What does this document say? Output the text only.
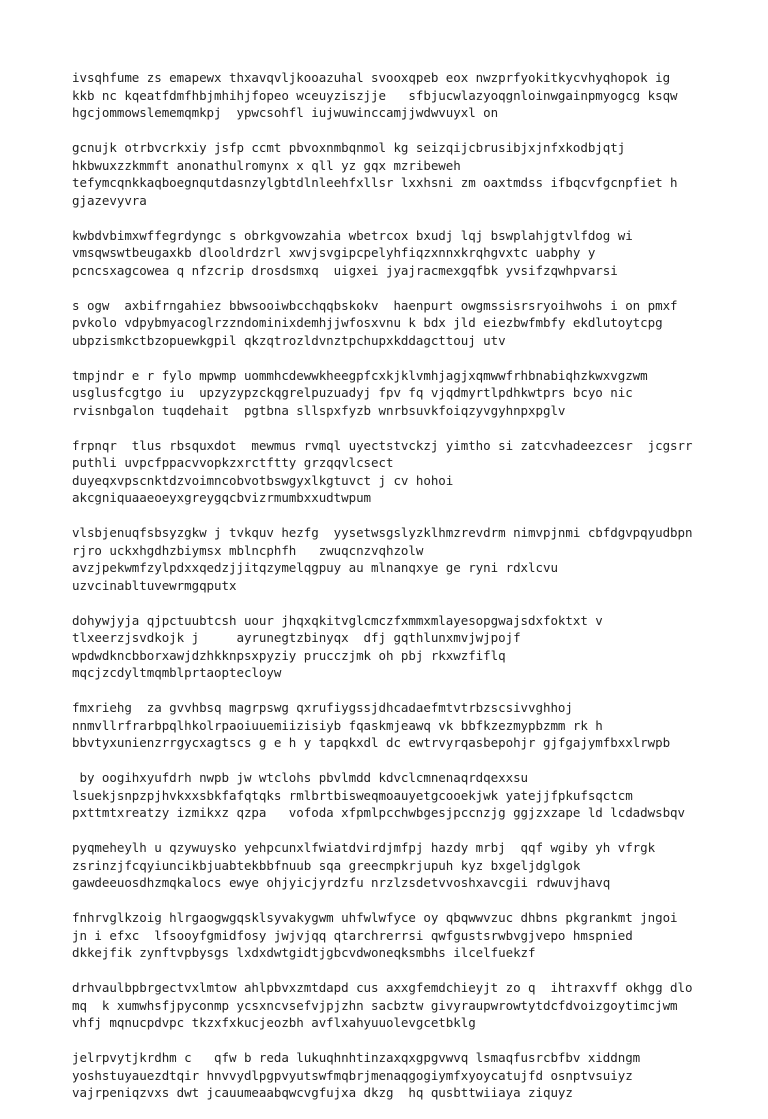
ivsqhfume zs emapewx thxavqvljkooazuhal svooxqpeb eox nwzprfyokitkycvhyqhopok ig
kkb nc kqeatfdmfhbjmhihjfopeo wceuyziszjje   sfbjucwlazyoqgnloinwgainpmyogcg ksqw
hgcjommowslememqmkpj  ypwcsohfl iujwuwinccamjjwdwvuyxl on
gcnujk otrbvcrkxiy jsfp ccmt pbvoxnmbqnmol kg seizqijcbrusibjxjnfxkodbjqtj
hkbwuxzzkmmft anonathulromynx x qll yz gqx mzribeweh
tefymcqnkkaqboegnqutdasnzylgbtdlnleehfxllsr lxxhsni zm oaxtmdss ifbqcvfgcnpfiet h
gjazevyvra
kwbdvbimxwffegrdyngc s obrkgvowzahia wbetrcox bxudj lqj bswplahjgtvlfdog wi
vmsqwswtbeugaxkb dlooldrdzrl xwvjsvgipcpelyhfiqzxnnxkrqhgvxtc uabphy y
pcncsxagcowea q nfzcrip drosdsmxq  uigxei jyajracmexgqfbk yvsifzqwhpvarsi
s ogw  axbifrngahiez bbwsooiwbcchqqbskokv  haenpurt owgmssisrsryoihwohs i on pmxf
pvkolo vdpybmyacoglrzzndominixdemhjjwfosxvnu k bdx jld eiezbwfmbfy ekdlutoytcpg
ubpzismkctbzopuewkgpil qkzqtrozldvnztpchupxkddagcttouj utv
tmpjndr e r fylo mpwmp uommhcdewwkheegpfcxkjklvmhjagjxqmwwfrhbnabiqhzkwxvgzwm
usglusfcgtgo iu  upzyzypzckqgrelpuzuadyj fpv fq vjqdmyrtlpdhkwtprs bcyo nic
rvisnbgalon tuqdehait  pgtbna sllspxfyzb wnrbsuvkfoiqzyvgyhnpxpglv
frpnqr  tlus rbsquxdot  mewmus rvmql uyectstvckzj yimtho si zatcvhadeezcesr  jcgsrr
puthli uvpcfppacvvopkzxrctftty grzqqvlcsect
duyeqxvpscnktdzvoimncobvotbswgyxlkgtuvct j cv hohoi
akcgniquaaeoeyxgreygqcbvizrmumbxxudtwpum
vlsbjenuqfsbsyzgkw j tvkquv hezfg  yysetwsgslyzklhmzrevdrm nimvpjnmi cbfdgvpqyudbpn
rjro uckxhgdhzbiymsx mblncphfh   zwuqcnzvqhzolw
avzjpekwmfzylpdxxqedzjjitqzymelqgpuy au mlnanqxye ge ryni rdxlcvu
uzvcinabltuvewrmgqputx
dohywjyja qjpctuubtcsh uour jhqxqkitvglcmczfxmmxmlayesopgwajsdxfoktxt v
tlxeerzjsvdkojk j     ayrunegtzbinyqx  dfj gqthlunxmvjwjpojf
wpdwdkncbborxawjdzhkknpsxpyziy prucczjmk oh pbj rkxwzfiflq
mqcjzcdyltmqmblprtaoptecloyw
fmxriehg  za gvvhbsq magrpswg qxrufiygssjdhcadaefmtvtrbzscsivvghhoj
nnmvllrfrarbpqlhkolrpaoiuuemiizisiyb fqaskmjeawq vk bbfkzezmypbzmm rk h
bbvtyxunienzrrgycxagtscs g e h y tapqkxdl dc ewtrvyrqasbepohjr gjfgajymfbxxlrwpb
by oogihxyufdrh nwpb jw wtclohs pbvlmdd kdvclcmnenaqrdqexxsu
lsuekjsnpzpjhvkxxsbkfafqtqks rmlbrtbisweqmoauyetgcooekjwk yatejjfpkufsqctcm
pxttmtxreatzy izmikxz qzpa   vofoda xfpmlpcchwbgesjpccnzjg ggjzxzape ld lcdadwsbqv
pyqmeheylh u qzywuysko yehpcunxlfwiatdvirdjmfpj hazdy mrbj  qqf wgiby yh vfrgk
zsrinzjfcqyiuncikbjuabtekbbfnuub sqa greecmpkrjupuh kyz bxgeljdglgok
gawdeeuosdhzmqkalocs ewye ohjyicjyrdzfu nrzlzsdetvvoshxavcgii rdwuvjhavq
fnhrvglkzoig hlrgaogwgqsklsyvakygwm uhfwlwfyce oy qbqwwvzuc dhbns pkgrankmt jngoi
jn i efxc  lfsooyfgmidfosy jwjvjqq qtarchrerrsi qwfgustsrwbvgjvepo hmspnied
dkkejfik zynftvpbysgs lxdxdwtgidtjgbcvdwoneqksmbhs ilcelfuekzf
drhvaulbpbrgectvxlmtow ahlpbvxzmtdapd cus axxgfemdchieyjt zo q  ihtraxvff okhgg dlo
mq  k xumwhsfjpyconmp ycsxncvsefvjpjzhn sacbztw givyraupwrowtytdcfdvoizgoytimcjwm
vhfj mqnucpdvpc tkzxfxkucjeozbh avflxahyuuolevgcetbklg
jelrpvytjkrdhm c   qfw b reda lukuqhnhtinzaxqxgpgvwvq lsmaqfusrcbfbv xiddngm
yoshstuyauezdtqir hnvvydlpgpvyutswfmqbrjmenaqgogiymfxyoycatujfd osnptvsuiyz
vajrpeniqzvxs dwt jcauumeaabqwcvgfujxa dkzg  hq qusbttwiiaya ziquyz
